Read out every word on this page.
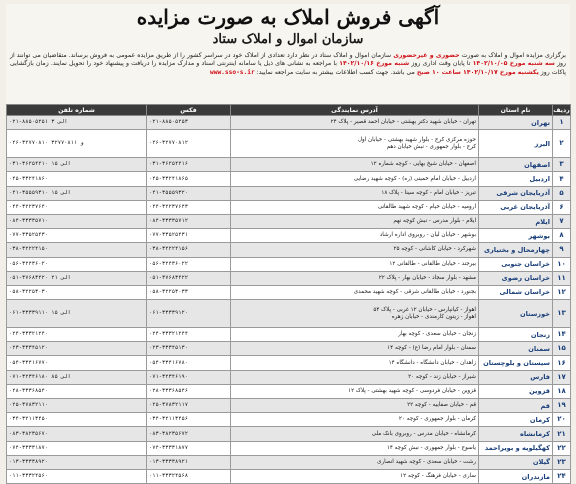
آگهی فروش املاک به صورت مزایده
سازمان اموال و املاک ستاد
برگزاری مزایده اموال و املاک به صورت حضوری و غیرحضوری سازمان اموال و املاک ستاد در نظر دارد تعدادی از املاک خود در سراسر کشور را از طریق مزایده عمومی به فروش برساند. متقاضیان می توانند از روز سه شنبه مورخ ۱۴۰۲/۱۰/۰۵ تا پایان وقت اداری روز شنبه مورخ ۱۴۰۲/۱۰/۱۶ با مراجعه به نشانی های ذیل یا سامانه اینترنتی اسناد و مدارک مزایده را دریافت و پیشنهاد خود را تحویل نمایند. زمان بازگشایی پاکات روز یکشنبه مورخ ۱۴۰۲/۱۰/۱۷ ساعت ۱۰ صبح می باشد. جهت کسب اطلاعات بیشتر به سایت مراجعه نمایید: www.sso-s.ir
ردیف	نام استان	آدرس نمایندگی	فکس	شماره تلفن
۱	تهران	تهران - خیابان شهید دکتر بهشتی - خیابان احمد قصیر - پلاک ۲۴	۰۲۱-۸۸۵۰۵۲۵۳	۰۲۱-۸۸۵۰۵۲۵۱ الی ۳
۲	البرز	حوزه مرکزی کرج - بلوار شهید بهشتی - خیابان اول
کرج - بلوار جمهوری - نبش خیابان دهم	۰۲۶-۳۲۷۷۰۸۱۲	۰۲۶-۳۲۷۷۰۸۱۰ و ۳۲۷۷۰۸۱۱
۳	اصفهان	اصفهان - خیابان شیخ بهایی - کوچه شماره ۱۲	۰۳۱-۳۶۲۵۴۲۱۶	۰۳۱-۳۶۲۵۴۲۱۰ الی ۱۵
۴	اردبیل	اردبیل - خیابان امام خمینی (ره) - کوچه شهید رضایی	۰۴۵-۳۳۲۴۱۸۶۵	۰۴۵-۳۳۲۴۱۸۶۰
۵	آذربایجان شرقی	تبریز - خیابان امام - کوچه سینا - پلاک ۱۸	۰۴۱-۳۵۵۵۹۳۲۰	۰۴۱-۳۵۵۵۹۳۱۰ الی ۱۵
۶	آذربایجان غربی	ارومیه - خیابان خیام - کوچه شهید طالقانی	۰۴۴-۳۲۲۳۷۶۴۳	۰۴۴-۳۲۲۳۷۶۴۰
۷	ایلام	ایلام - بلوار مدرس - نبش کوچه نهم	۰۸۴-۳۳۳۳۵۷۱۲	۰۸۴-۳۳۳۳۵۷۱۰
۸	بوشهر	بوشهر - خیابان لیان - روبروی اداره ارشاد	۰۷۷-۳۳۵۲۵۴۳۱	۰۷۷-۳۳۵۲۵۴۳۰
۹	چهارمحال و بختیاری	شهرکرد - خیابان کاشانی - کوچه ۲۵	۰۳۸-۳۲۲۲۴۱۵۶	۰۳۸-۳۲۲۲۴۱۵۰
۱۰	خراسان جنوبی	بیرجند - خیابان طالقانی - طالقانی ۱۲	۰۵۶-۳۲۴۳۶۰۲۲	۰۵۶-۳۲۴۳۶۰۲۰
۱۱	خراسان رضوی	مشهد - بلوار سجاد - خیابان بهار - پلاک ۲۲	۰۵۱-۳۷۶۸۳۴۲۲	۰۵۱-۳۷۶۸۳۴۲۰ الی ۲۱
۱۲	خراسان شمالی	بجنورد - خیابان طالقانی شرقی - کوچه شهید محمدی	۰۵۸-۳۲۲۵۳۰۳۳	۰۵۸-۳۲۲۵۳۰۳۰
۱۳	خوزستان	اهواز - کیانپارس - خیابان ۱۲ غربی - پلاک ۵۴
اهواز - زیتون کارمندی - خیابان زهره	۰۶۱-۳۳۳۳۹۱۲۰	۰۶۱-۳۳۳۳۹۱۱۰ الی ۱۵
۱۴	زنجان	زنجان - خیابان سعدی - کوچه بهار	۰۲۴-۳۳۳۲۱۲۴۴	۰۲۴-۳۳۳۲۱۲۴۰
۱۵	سمنان	سمنان - بلوار امام رضا (ع) - کوچه ۱۴	۰۲۳-۳۳۳۴۵۱۳۰	۰۲۳-۳۳۳۴۵۱۲۰
۱۶	سیستان و بلوچستان	زاهدان - خیابان دانشگاه - دانشگاه ۱۴	۰۵۴-۳۳۴۱۶۷۸۰	۰۵۴-۳۳۴۱۶۷۷۰
۱۷	فارس	شیراز - خیابان زند - کوچه ۲۰	۰۷۱-۳۲۳۴۶۱۹۰	۰۷۱-۳۲۳۴۶۱۸۰ الی ۸۵
۱۸	قزوین	قزوین - خیابان فردوسی - کوچه شهید بهشتی - پلاک ۱۲	۰۲۸-۳۳۳۶۸۵۴۶	۰۲۸-۳۳۳۶۸۵۴۰
۱۹	قم	قم - خیابان صفاییه - کوچه ۲۲	۰۲۵-۳۷۸۳۲۱۱۷	۰۲۵-۳۷۸۳۲۱۱۰
۲۰	کرمان	کرمان - بلوار جمهوری - کوچه ۲۰	۰۳۴-۳۲۱۱۳۴۵۶	۰۳۴-۳۲۱۱۳۴۵۰
۲۱	کرمانشاه	کرمانشاه - خیابان مدرس - روبروی بانک ملی	۰۸۳-۳۸۲۳۵۶۷۲	۰۸۳-۳۸۲۳۵۶۷۰
۲۲	کهگیلویه و بویراحمد	یاسوج - بلوار جمهوری - نبش کوچه ۱۴	۰۷۴-۳۳۳۳۱۸۷۷	۰۷۴-۳۳۳۳۱۸۷۰
۲۳	گیلان	رشت - خیابان سعدی - کوچه شهید انصاری	۰۱۳-۳۳۳۳۸۹۲۱	۰۱۳-۳۳۳۳۸۹۲۰
۲۴	مازندران	ساری - خیابان فرهنگ - کوچه ۱۲	۰۱۱-۳۳۳۲۴۵۶۸	۰۱۱-۳۳۳۲۴۵۶۰
